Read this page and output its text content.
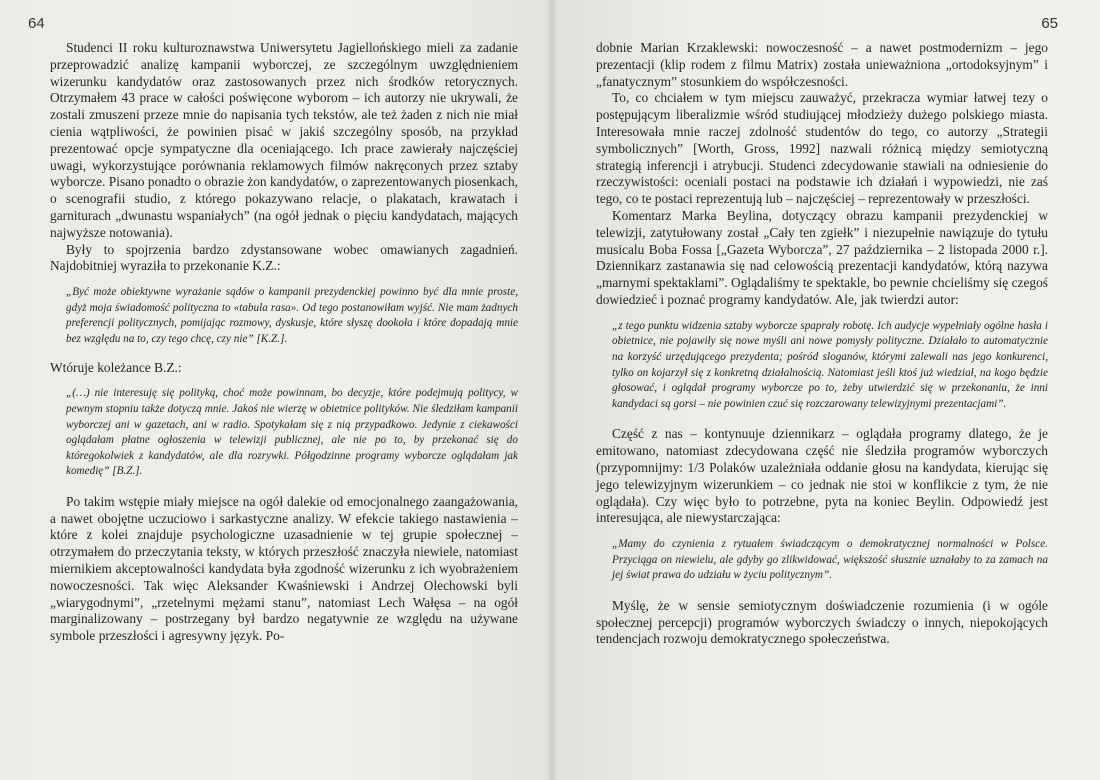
64

Studenci II roku kulturoznawstwa Uniwersytetu Jagiellońskiego mieli za zadanie przeprowadzić analizę kampanii wyborczej, ze szczególnym uwzględnieniem wizerunku kandydatów oraz zastosowanych przez nich środków retorycznych. Otrzymałem 43 prace w całości poświęcone wyborom – ich autorzy nie ukrywali, że zostali zmuszeni przeze mnie do napisania tych tekstów, ale też żaden z nich nie miał cienia wątpliwości, że powinien pisać w jakiś szczególny sposób, na przykład prezentować opcje sympatyczne dla oceniającego. Ich prace zawierały najczęściej uwagi, wykorzystujące porównania reklamowych filmów nakręconych przez sztaby wyborcze. Pisano ponadto o obrazie żon kandydatów, o zaprezentowanych piosenkach, o scenografii studio, z którego pokazywano relacje, o plakatach, krawatach i garniturach „dwunastu wspaniałych” (na ogół jednak o pięciu kandydatach, mających najwyższe notowania).

Były to spojrzenia bardzo zdystansowane wobec omawianych zagadnień. Najdobitniej wyraziła to przekonanie K.Z.:

„Być może obiektywne wyrażanie sądów o kampanii prezydenckiej powinno być dla mnie proste, gdyż moja świadomość polityczna to «tabula rasa». Od tego postanowiłam wyjść. Nie mam żadnych preferencji politycznych, pomijając rozmowy, dyskusje, które słyszę dookoła i które dopadają mnie bez względu na to, czy tego chcę, czy nie” [K.Z.].

Wtóruje koleżance B.Z.:

„(…) nie interesuję się polityką, choć może powinnam, bo decyzje, które podejmują politycy, w pewnym stopniu także dotyczą mnie. Jakoś nie wierzę w obietnice polityków. Nie śledziłam kampanii wyborczej ani w gazetach, ani w radio. Spotykałam się z nią przypadkowo. Jedynie z ciekawości oglądałam płatne ogłoszenia w telewizji publicznej, ale nie po to, by przekonać się do któregokolwiek z kandydatów, ale dla rozrywki. Półgodzinne programy wyborcze oglądałam jak komedię” [B.Z.].

Po takim wstępie miały miejsce na ogół dalekie od emocjonalnego zaangażowania, a nawet obojętne uczuciowo i sarkastyczne analizy. W efekcie takiego nastawienia – które z kolei znajduje psychologiczne uzasadnienie w tej grupie społecznej – otrzymałem do przeczytania teksty, w których przeszłość znaczyła niewiele, natomiast miernikiem akceptowalności kandydata była zgodność wizerunku z ich wyobrażeniem nowoczesności. Tak więc Aleksander Kwaśniewski i Andrzej Olechowski byli „wiarygodnymi”, „rzetelnymi mężami stanu”, natomiast Lech Wałęsa – na ogół marginalizowany – postrzegany był bardzo negatywnie ze względu na używane symbole przeszłości i agresywny język. Po-

65

dobnie Marian Krzaklewski: nowoczesność – a nawet postmodernizm – jego prezentacji (klip rodem z filmu Matrix) została unieważniona „ortodoksyjnym” i „fanatycznym” stosunkiem do współczesności.

To, co chciałem w tym miejscu zauważyć, przekracza wymiar łatwej tezy o postępującym liberalizmie wśród studiującej młodzieży dużego polskiego miasta. Interesowała mnie raczej zdolność studentów do tego, co autorzy „Strategii symbolicznych” [Worth, Gross, 1992] nazwali różnicą między semiotyczną strategią inferencji i atrybucji. Studenci zdecydowanie stawiali na odniesienie do rzeczywistości: oceniali postaci na podstawie ich działań i wypowiedzi, nie zaś tego, co te postaci reprezentują lub – najczęściej – reprezentowały w przeszłości.

Komentarz Marka Beylina, dotyczący obrazu kampanii prezydenckiej w telewizji, zatytułowany został „Cały ten zgiełk” i niezupełnie nawiązuje do tytułu musicalu Boba Fossa [„Gazeta Wyborcza”, 27 października – 2 listopada 2000 r.]. Dziennikarz zastanawia się nad celowością prezentacji kandydatów, którą nazywa „marnymi spektaklami”. Oglądaliśmy te spektakle, bo pewnie chcieliśmy się czegoś dowiedzieć i poznać programy kandydatów. Ale, jak twierdzi autor:

„z tego punktu widzenia sztaby wyborcze spaprały robotę. Ich audycje wypełniały ogólne hasła i obietnice, nie pojawiły się nowe myśli ani nowe pomysły polityczne. Działało to automatycznie na korzyść urzędującego prezydenta; pośród sloganów, którymi zalewali nas jego konkurenci, tylko on kojarzył się z konkretną działalnością. Natomiast jeśli ktoś już wiedział, na kogo będzie głosować, i oglądał programy wyborcze po to, żeby utwierdzić się w przekonaniu, że inni kandydaci są gorsi – nie powinien czuć się rozczarowany telewizyjnymi prezentacjami”.

Część z nas – kontynuuje dziennikarz – oglądała programy dlatego, że je emitowano, natomiast zdecydowana część nie śledziła programów wyborczych (przypomnijmy: 1/3 Polaków uzależniała oddanie głosu na kandydata, kierując się jego telewizyjnym wizerunkiem – co jednak nie stoi w konflikcie z tym, że nie oglądała). Czy więc było to potrzebne, pyta na koniec Beylin. Odpowiedź jest interesująca, ale niewystarczająca:

„Mamy do czynienia z rytuałem świadczącym o demokratycznej normalności w Polsce. Przyciąga on niewielu, ale gdyby go zlikwidować, większość słusznie uznałaby to za zamach na jej świat prawa do udziału w życiu politycznym”.

Myślę, że w sensie semiotycznym doświadczenie rozumienia (i w ogóle społecznej percepcji) programów wyborczych świadczy o innych, niepokojących tendencjach rozwoju demokratycznego społeczeństwa.
